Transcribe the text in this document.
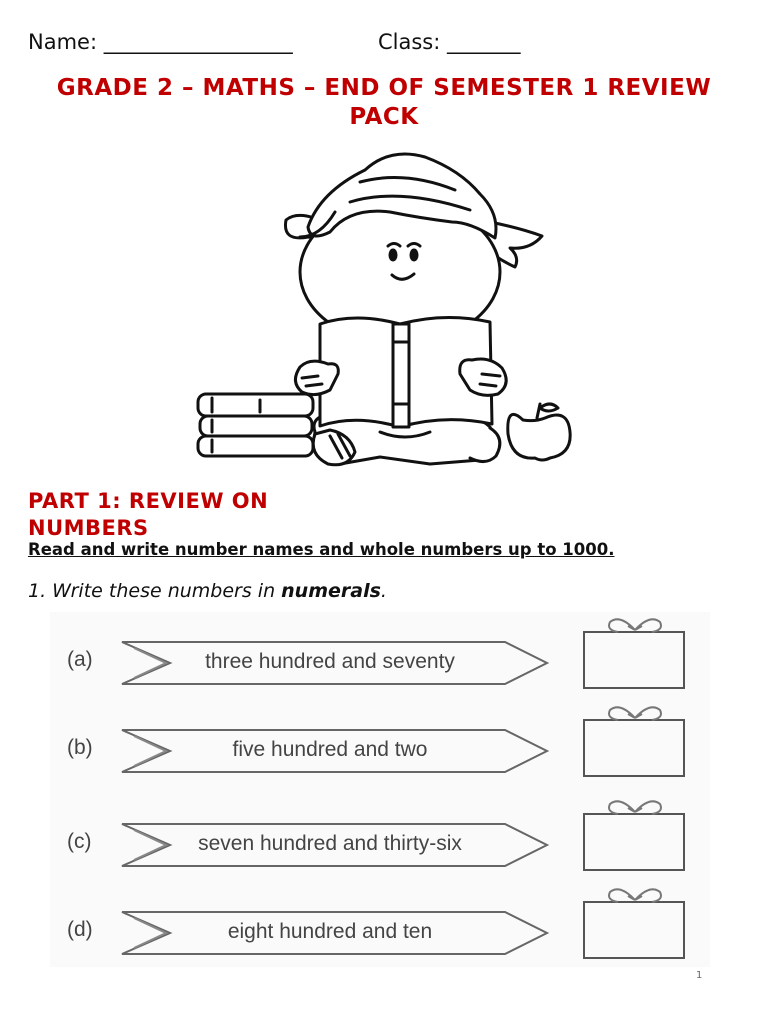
Name: __________________	Class: _______
GRADE 2 – MATHS – END OF SEMESTER 1 REVIEW
PACK
PART 1: REVIEW ON NUMBERS
Read and write number names and whole numbers up to 1000.
1. Write these numbers in numerals.
(a)	three hundred and seventy
(b)	five hundred and two
(c)	seven hundred and thirty-six
(d)	eight hundred and ten
1
